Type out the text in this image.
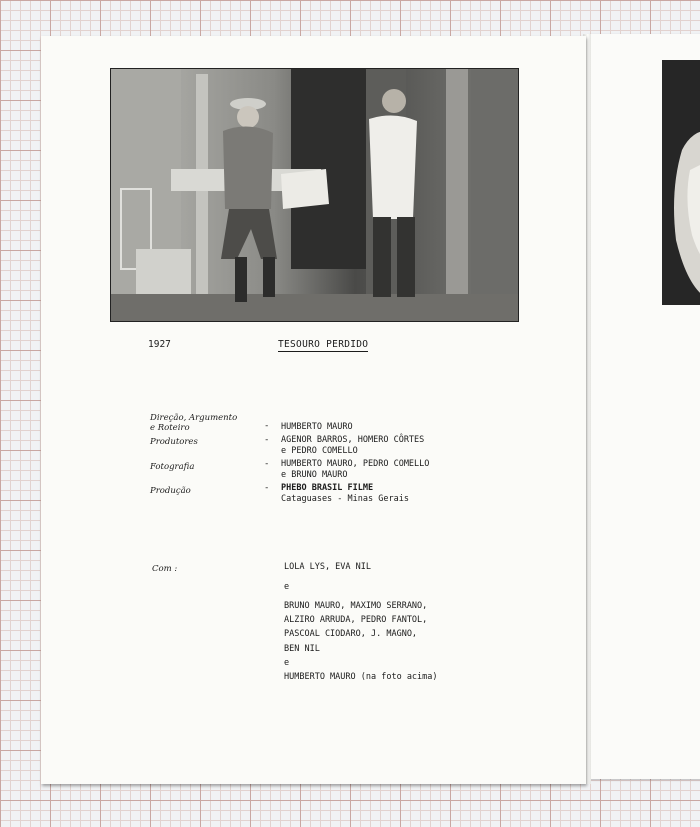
1927	TESOURO PERDIDO
Direção, Argumento
e Roteiro	- HUMBERTO MAURO
Produtores	- AGENOR BARROS, HOMERO CÔRTES
e PEDRO COMELLO
Fotografia	- HUMBERTO MAURO, PEDRO COMELLO
e BRUNO MAURO
Produção	- PHEBO BRASIL FILME
Cataguases - Minas Gerais
Com :	LOLA LYS, EVA NIL
e
BRUNO MAURO, MAXIMO SERRANO,
ALZIRO ARRUDA, PEDRO FANTOL,
PASCOAL CIODARO, J. MAGNO,
BEN NIL
e
HUMBERTO MAURO (na foto acima)
